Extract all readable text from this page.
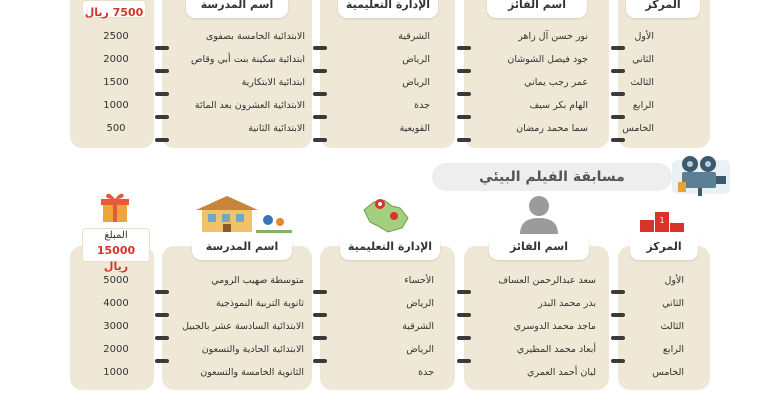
المركز
اسم الفائز
الإدارة التعليمية
اسم المدرسة
7500 ريال
الأول
الثاني
الثالث
الرابع
الخامس
نور حسن آل زاهر
جود فيصل الشوشان
عمر رجب يماني
الهام بكر سيف
سما محمد رمضان
الشرقية
الرياض
الرياض
جدة
القويعية
الابتدائية الخامسة بصفوى
ابتدائية سكينة بنت أبي وقاص
ابتدائية الابتكارية
الابتدائية العشرون بعد المائة
الابتدائية الثانية
2500
2000
1500
1000
500
مسابقة الفيلم البيئي
1
المركز
اسم الفائز
الإدارة التعليمية
اسم المدرسة
المبلغ
15000 ريال
الأول
الثاني
الثالث
الرابع
الخامس
سعد عبدالرحمن العساف
بدر محمد البدر
ماجد محمد الدوسري
أبعاد محمد المطيري
ليان أحمد العمري
الأحساء
الرياض
الشرقية
الرياض
جدة
متوسطة صهيب الرومي
ثانوية التربية النموذجية
الابتدائية السادسة عشر بالجبيل
الابتدائية الحادية والتسعون
الثانوية الخامسة والتسعون
5000
4000
3000
2000
1000
